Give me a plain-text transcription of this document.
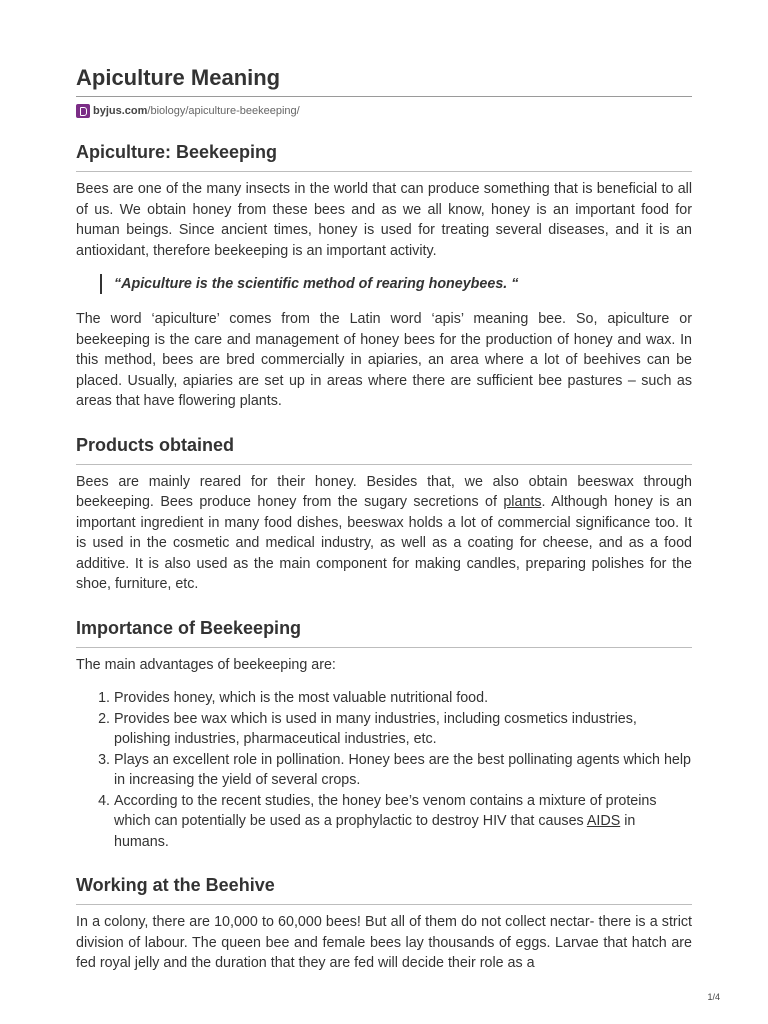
Apiculture Meaning
byjus.com /biology/apiculture-beekeeping/
Apiculture: Beekeeping

Bees are one of the many insects in the world that can produce something that is beneficial to all of us. We obtain honey from these bees and as we all know, honey is an important food for human beings. Since ancient times, honey is used for treating several diseases, and it is an antioxidant, therefore beekeeping is an important activity.

“Apiculture is the scientific method of rearing honeybees. “

The word ‘apiculture’ comes from the Latin word ‘apis’ meaning bee. So, apiculture or beekeeping is the care and management of honey bees for the production of honey and wax. In this method, bees are bred commercially in apiaries, an area where a lot of beehives can be placed. Usually, apiaries are set up in areas where there are sufficient bee pastures – such as areas that have flowering plants.

Products obtained

Bees are mainly reared for their honey. Besides that, we also obtain beeswax through beekeeping. Bees produce honey from the sugary secretions of plants. Although honey is an important ingredient in many food dishes, beeswax holds a lot of commercial significance too. It is used in the cosmetic and medical industry, as well as a coating for cheese, and as a food additive. It is also used as the main component for making candles, preparing polishes for the shoe, furniture, etc.

Importance of Beekeeping

The main advantages of beekeeping are:

1. Provides honey, which is the most valuable nutritional food.
2. Provides bee wax which is used in many industries, including cosmetics industries, polishing industries, pharmaceutical industries, etc.
3. Plays an excellent role in pollination. Honey bees are the best pollinating agents which help in increasing the yield of several crops.
4. According to the recent studies, the honey bee’s venom contains a mixture of proteins which can potentially be used as a prophylactic to destroy HIV that causes AIDS in humans.
Working at the Beehive

In a colony, there are 10,000 to 60,000 bees! But all of them do not collect nectar- there is a strict division of labour. The queen bee and female bees lay thousands of eggs. Larvae that hatch are fed royal jelly and the duration that they are fed will decide their role as a

1/4
